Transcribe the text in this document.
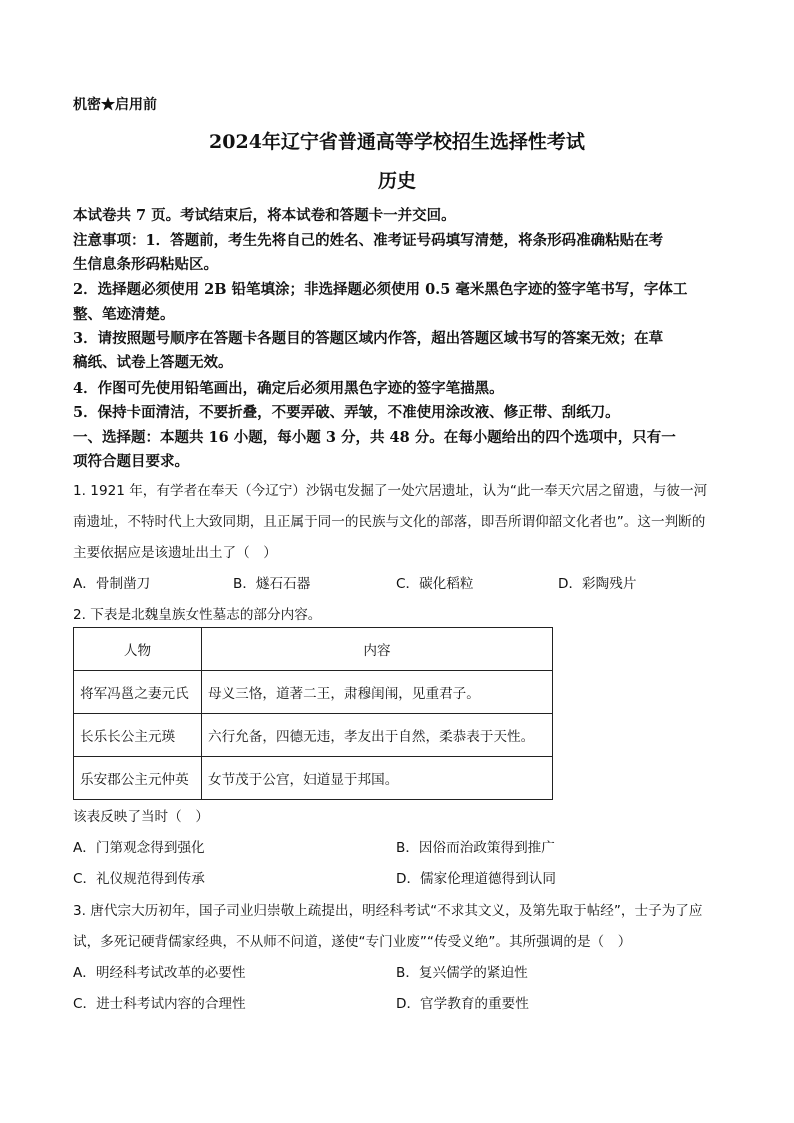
机密★启用前
2024年辽宁省普通高等学校招生选择性考试
历史
本试卷共 7 页。考试结束后，将本试卷和答题卡一并交回。
注意事项：1．答题前，考生先将自己的姓名、准考证号码填写清楚，将条形码准确粘贴在考
生信息条形码粘贴区。
2．选择题必须使用 2B 铅笔填涂；非选择题必须使用 0.5 毫米黑色字迹的签字笔书写，字体工
整、笔迹清楚。
3．请按照题号顺序在答题卡各题目的答题区域内作答，超出答题区域书写的答案无效；在草
稿纸、试卷上答题无效。
4．作图可先使用铅笔画出，确定后必须用黑色字迹的签字笔描黑。
5．保持卡面清洁，不要折叠，不要弄破、弄皱，不准使用涂改液、修正带、刮纸刀。
一、选择题：本题共 16 小题，每小题 3 分，共 48 分。在每小题给出的四个选项中，只有一
项符合题目要求。
1. 1921 年，有学者在奉天（今辽宁）沙锅屯发掘了一处穴居遗址，认为“此一奉天穴居之留遗，与彼一河
南遗址，不特时代上大致同期，且正属于同一的民族与文化的部落，即吾所谓仰韶文化者也”。这一判断的
主要依据应是该遗址出土了（　）
A．骨制凿刀	B．燧石石器	C．碳化稻粒	D．彩陶残片
2. 下表是北魏皇族女性墓志的部分内容。
人物	内容
将军冯邕之妻元氏	母义三恪，道著二王，肃穆闺闱，见重君子。
长乐长公主元瑛	六行允备，四德无违，孝友出于自然，柔恭表于天性。
乐安郡公主元仲英	女节茂于公宫，妇道显于邦国。
该表反映了当时（　）
A．门第观念得到强化	B．因俗而治政策得到推广
C．礼仪规范得到传承	D．儒家伦理道德得到认同
3. 唐代宗大历初年，国子司业归崇敬上疏提出，明经科考试“不求其文义，及第先取于帖经”，士子为了应
试，多死记硬背儒家经典，不从师不问道，遂使“专门业废”“传受义绝”。其所强调的是（　）
A．明经科考试改革的必要性	B．复兴儒学的紧迫性
C．进士科考试内容的合理性	D．官学教育的重要性
